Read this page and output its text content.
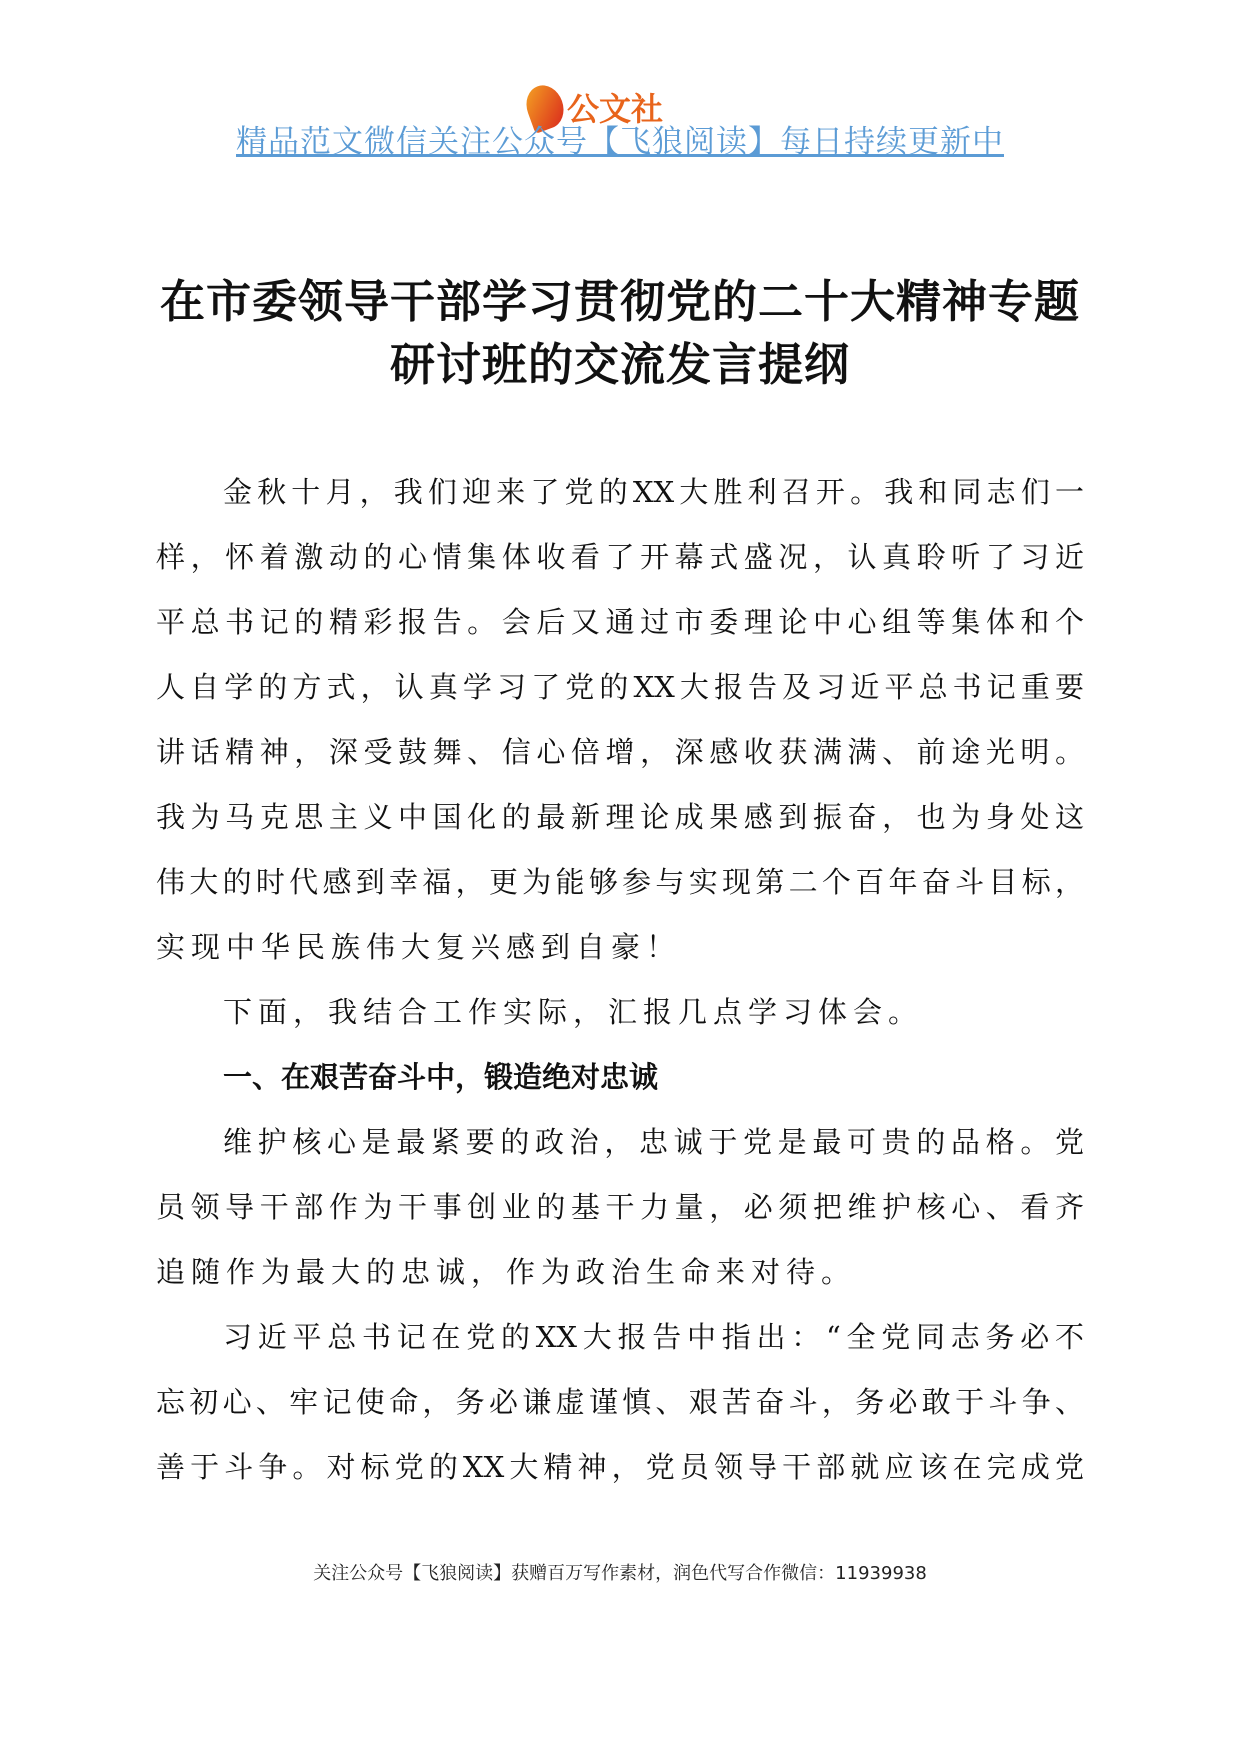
公文社
精品范文微信关注公众号【飞狼阅读】每日持续更新中
在市委领导干部学习贯彻党的二十大精神专题
研讨班的交流发言提纲
金秋十月，我们迎来了党的XX大胜利召开。我和同志们一
样，怀着激动的心情集体收看了开幕式盛况，认真聆听了习近
平总书记的精彩报告。会后又通过市委理论中心组等集体和个
人自学的方式，认真学习了党的XX大报告及习近平总书记重要
讲话精神，深受鼓舞、信心倍增，深感收获满满、前途光明。
我为马克思主义中国化的最新理论成果感到振奋，也为身处这
伟大的时代感到幸福，更为能够参与实现第二个百年奋斗目标，
实现中华民族伟大复兴感到自豪！
下面，我结合工作实际，汇报几点学习体会。
一、在艰苦奋斗中，锻造绝对忠诚
维护核心是最紧要的政治，忠诚于党是最可贵的品格。党
员领导干部作为干事创业的基干力量，必须把维护核心、看齐
追随作为最大的忠诚，作为政治生命来对待。
习近平总书记在党的XX大报告中指出：“全党同志务必不
忘初心、牢记使命，务必谦虚谨慎、艰苦奋斗，务必敢于斗争、
善于斗争。对标党的XX大精神，党员领导干部就应该在完成党
关注公众号【飞狼阅读】获赠百万写作素材，润色代写合作微信：11939938
